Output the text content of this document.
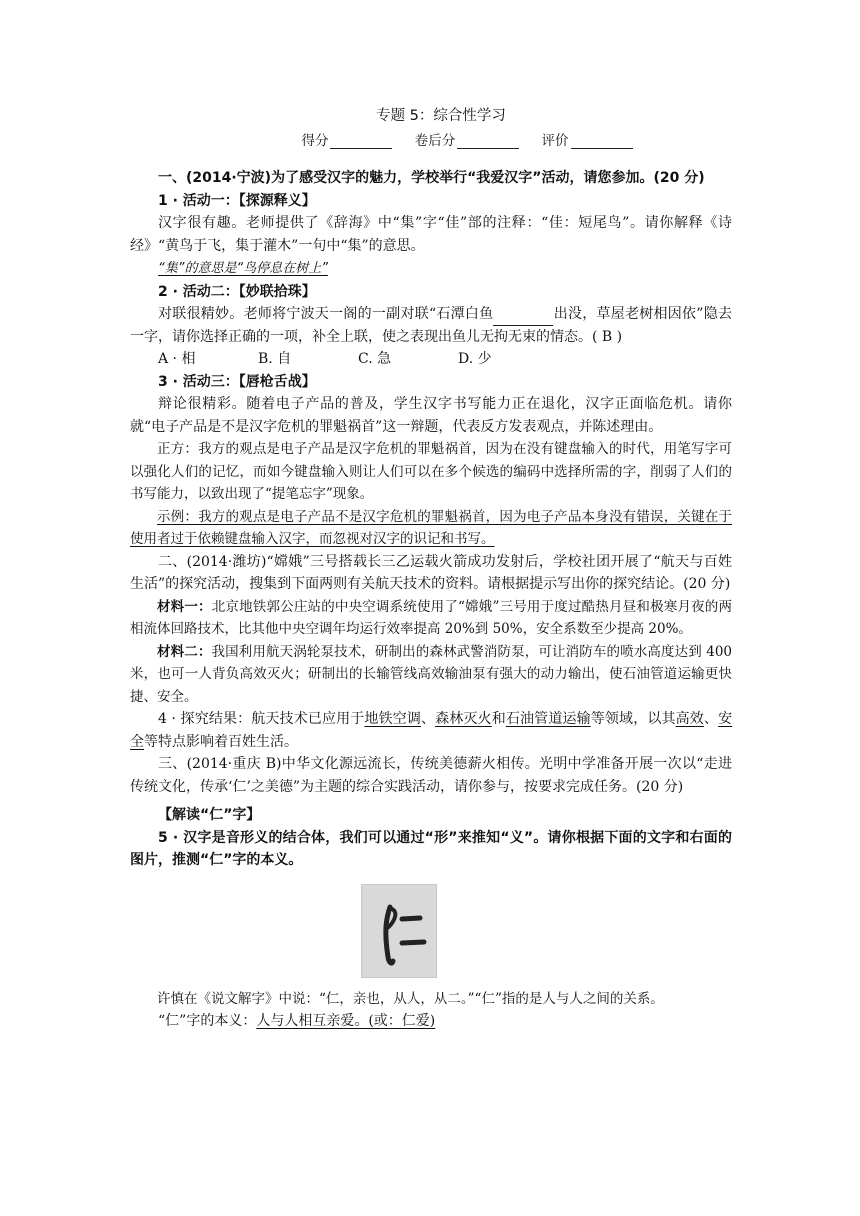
专题 5：综合性学习
得分	卷后分	评价

一、(2014·宁波)为了感受汉字的魅力，学校举行“我爱汉字”活动，请您参加。(20 分)

1 · 活动一：【探源释义】

汉字很有趣。老师提供了《辞海》中“集”字“佳”部的注释：“佳：短尾鸟”。请你解释《诗经》“黄鸟于飞，集于灌木”一句中“集”的意思。

“集”的意思是“鸟停息在树上”

2 · 活动二：【妙联拾珠】

对联很精妙。老师将宁波天一阁的一副对联“石潭白鱼	出没，草屋老树相因依”隐去一字，请你选择正确的一项，补全上联，使之表现出鱼儿无拘无束的情态。( B )

A · 相	B. 自	C. 急	D. 少

3 · 活动三：【唇枪舌战】

辩论很精彩。随着电子产品的普及，学生汉字书写能力正在退化，汉字正面临危机。请你就“电子产品是不是汉字危机的罪魁祸首”这一辩题，代表反方发表观点，并陈述理由。

正方：我方的观点是电子产品是汉字危机的罪魁祸首，因为在没有键盘输入的时代，用笔写字可以强化人们的记忆，而如今键盘输入则让人们可以在多个候选的编码中选择所需的字，削弱了人们的书写能力，以致出现了“提笔忘字”现象。

示例：我方的观点是电子产品不是汉字危机的罪魁祸首，因为电子产品本身没有错误，关键在于使用者过于依赖键盘输入汉字，而忽视对汉字的识记和书写。

二、(2014·潍坊)“嫦娥”三号搭载长三乙运载火箭成功发射后，学校社团开展了“航天与百姓生活”的探究活动，搜集到下面两则有关航天技术的资料。请根据提示写出你的探究结论。(20 分)

材料一：北京地铁郭公庄站的中央空调系统使用了“嫦娥”三号用于度过酷热月昼和极寒月夜的两相流体回路技术，比其他中央空调年均运行效率提高 20%到 50%，安全系数至少提高 20%。

材料二：我国利用航天涡轮泵技术，研制出的森林武警消防泵，可让消防车的喷水高度达到 400 米，也可一人背负高效灭火；研制出的长输管线高效输油泵有强大的动力输出，使石油管道运输更快捷、安全。

4 · 探究结果：航天技术已应用于地铁空调、森林灭火和石油管道运输等领域，以其高效、安全等特点影响着百姓生活。

三、(2014·重庆 B)中华文化源远流长，传统美德薪火相传。光明中学准备开展一次以“走进传统文化，传承‘仁’之美德”为主题的综合实践活动，请你参与，按要求完成任务。(20 分)

【解读“仁”字】

5 · 汉字是音形义的结合体，我们可以通过“形”来推知“义”。请你根据下面的文字和右面的图片，推测“仁”字的本义。

许慎在《说文解字》中说：“仁，亲也，从人，从二。”“仁”指的是人与人之间的关系。

“仁”字的本义：人与人相互亲爱。(或：仁爱)
